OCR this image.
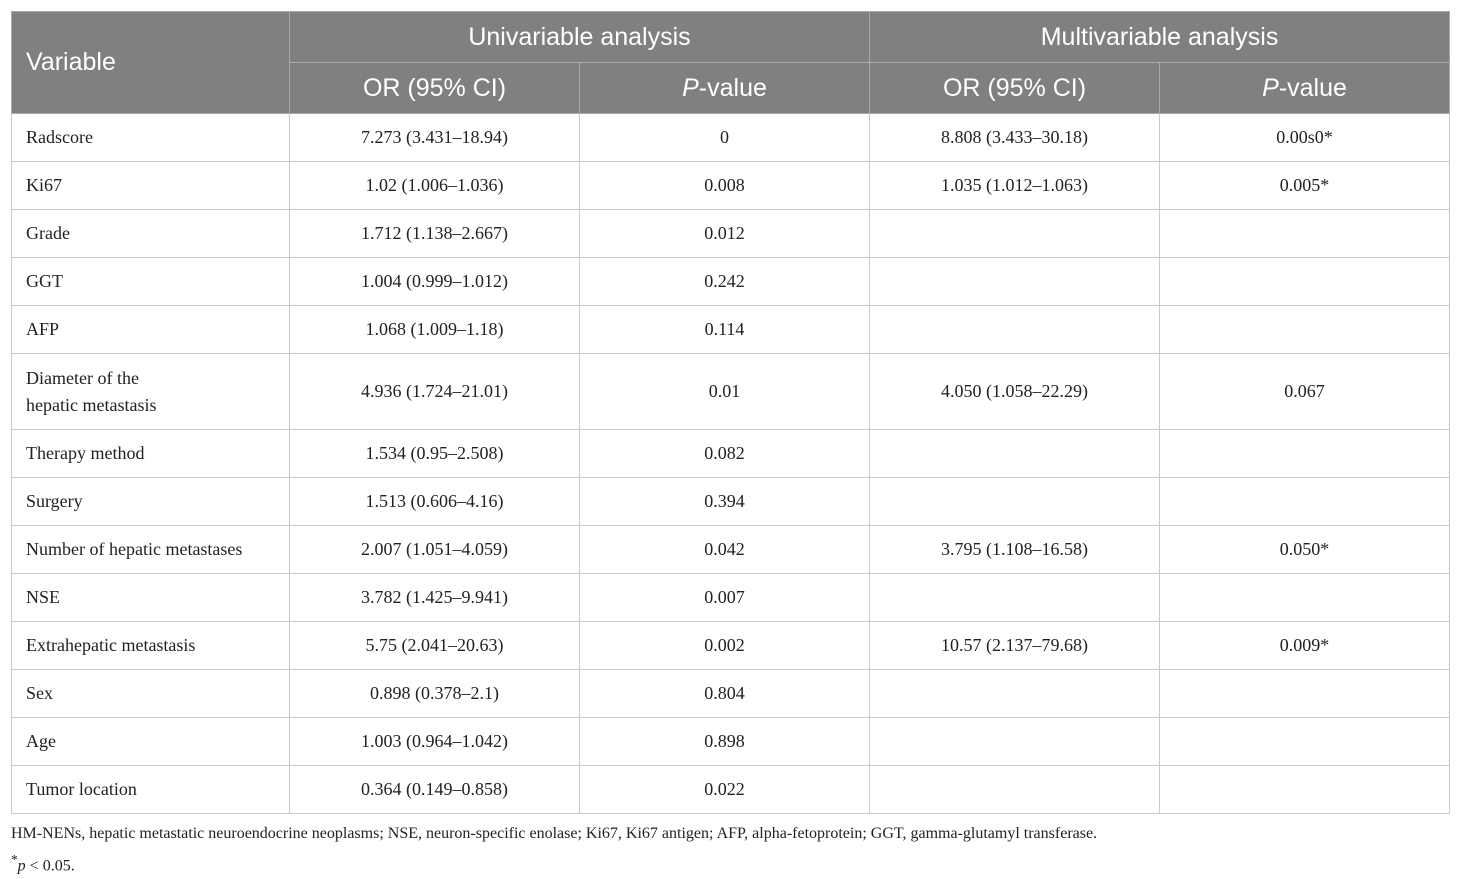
Variable	Univariable analysis		Multivariable analysis	
	OR (95% CI)	P-value	OR (95% CI)	P-value
Radscore	7.273 (3.431–18.94)	0	8.808 (3.433–30.18)	0.00s0*
Ki67	1.02 (1.006–1.036)	0.008	1.035 (1.012–1.063)	0.005*
Grade	1.712 (1.138–2.667)	0.012		
GGT	1.004 (0.999–1.012)	0.242		
AFP	1.068 (1.009–1.18)	0.114		
Diameter of the
hepatic metastasis	4.936 (1.724–21.01)	0.01	4.050 (1.058–22.29)	0.067
Therapy method	1.534 (0.95–2.508)	0.082		
Surgery	1.513 (0.606–4.16)	0.394		
Number of hepatic metastases	2.007 (1.051–4.059)	0.042	3.795 (1.108–16.58)	0.050*
NSE	3.782 (1.425–9.941)	0.007		
Extrahepatic metastasis	5.75 (2.041–20.63)	0.002	10.57 (2.137–79.68)	0.009*
Sex	0.898 (0.378–2.1)	0.804		
Age	1.003 (0.964–1.042)	0.898		
Tumor location	0.364 (0.149–0.858)	0.022		
HM-NENs, hepatic metastatic neuroendocrine neoplasms; NSE, neuron-specific enolase; Ki67, Ki67 antigen; AFP, alpha-fetoprotein; GGT, gamma-glutamyl transferase.
*p < 0.05.
